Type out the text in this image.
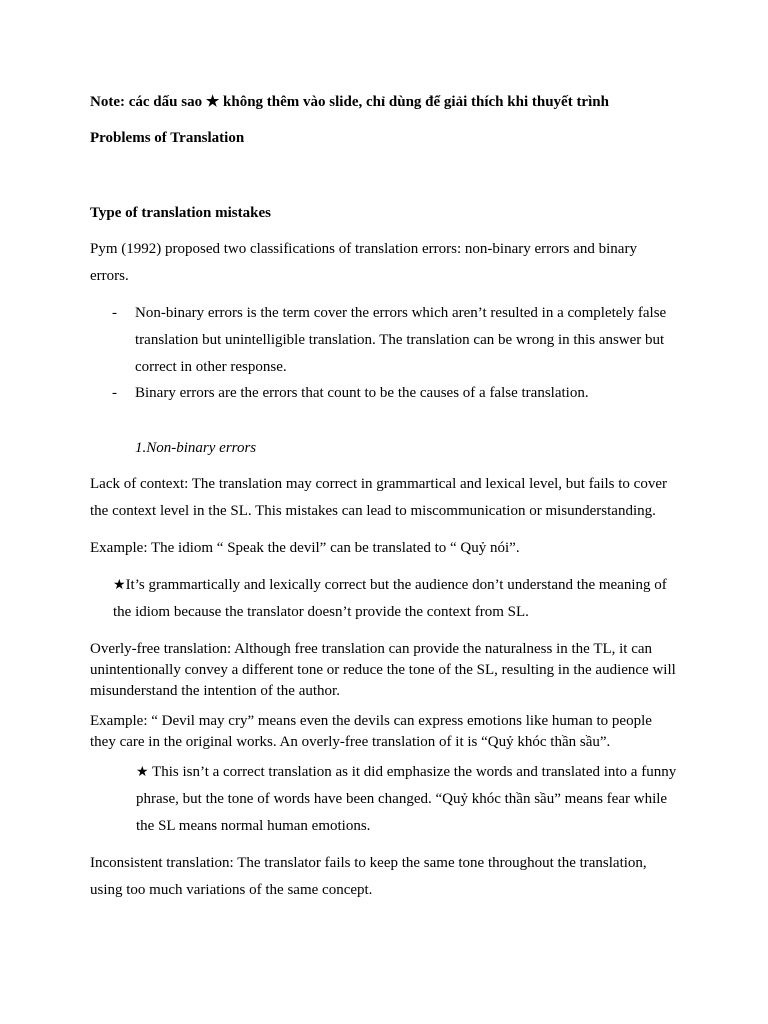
Note: các dấu sao ★ không thêm vào slide, chỉ dùng để giải thích khi thuyết trình

Problems of Translation

Type of translation mistakes

Pym (1992) proposed two classifications of translation errors: non-binary errors and binary errors.

- Non-binary errors is the term cover the errors which aren’t resulted in a completely false translation but unintelligible translation. The translation can be wrong in this answer but correct in other response.

- Binary errors are the errors that count to be the causes of a false translation.

1.Non-binary errors

Lack of context: The translation may correct in grammartical and lexical level, but fails to cover the context level in the SL. This mistakes can lead to miscommunication or misunderstanding.

Example: The idiom “ Speak the devil” can be translated to “ Quỷ nói”.

★It’s grammartically and lexically correct but the audience don’t understand the meaning of the idiom because the translator doesn’t provide the context from SL.

Overly-free translation: Although free translation can provide the naturalness in the TL, it can unintentionally convey a different tone or reduce the tone of the SL, resulting in the audience will misunderstand the intention of the author.

Example: “ Devil may cry” means even the devils can express emotions like human to people they care in the original works. An overly-free translation of it is “Quỷ khóc thần sầu”.

★ This isn’t a correct translation as it did emphasize the words and translated into a funny phrase, but the tone of words have been changed. “Quỷ khóc thần sầu” means fear while the SL means normal human emotions.

Inconsistent translation: The translator fails to keep the same tone throughout the translation, using too much variations of the same concept.
